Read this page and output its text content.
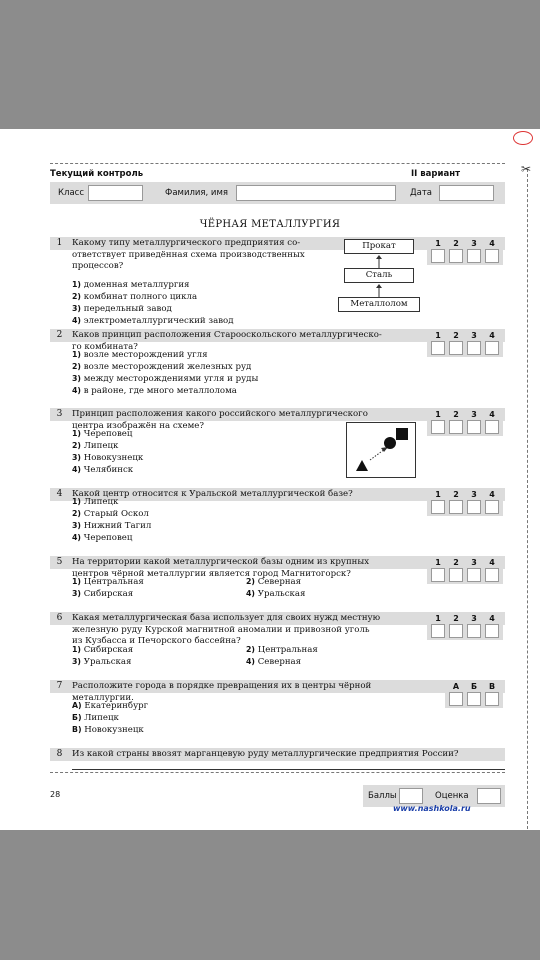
Текущий контроль	II вариант
Класс	Фамилия, имя	Дата
ЧЁРНАЯ МЕТАЛЛУРГИЯ
1	Какому типу металлургического предприятия со-
ответствует приведённая схема производственных
процессов?
1) доменная металлургия
2) комбинат полного цикла
3) передельный завод
4) электрометаллургический завод
1	2	3	4
Прокат
Сталь
Металлолом
2	Каков принцип расположения Старооскольского металлургическо-
го комбината?
1) возле месторождений угля
2) возле месторождений железных руд
3) между месторождениями угля и руды
4) в районе, где много металлолома
1	2	3	4
3	Принцип расположения какого российского металлургического
центра изображён на схеме?
1) Череповец
2) Липецк
3) Новокузнецк
4) Челябинск
1	2	3	4
4	Какой центр относится к Уральской металлургической базе?
1) Липецк
2) Старый Оскол
3) Нижний Тагил
4) Череповец
1	2	3	4
5	На территории какой металлургической базы одним из крупных
центров чёрной металлургии является город Магнитогорск?
1) Центральная	2) Северная
3) Сибирская	4) Уральская
1	2	3	4
6	Какая металлургическая база использует для своих нужд местную
железную руду Курской магнитной аномалии и привозной уголь
из Кузбасса и Печорского бассейна?
1) Сибирская	2) Центральная
3) Уральская	4) Северная
1	2	3	4
7	Расположите города в порядке превращения их в центры чёрной
металлургии.
А) Екатеринбург
Б) Липецк
В) Новокузнецк
А	Б	В
8	Из какой страны ввозят марганцевую руду металлургические предприятия России?
28	Баллы	Оценка
www.nashkola.ru
✂
